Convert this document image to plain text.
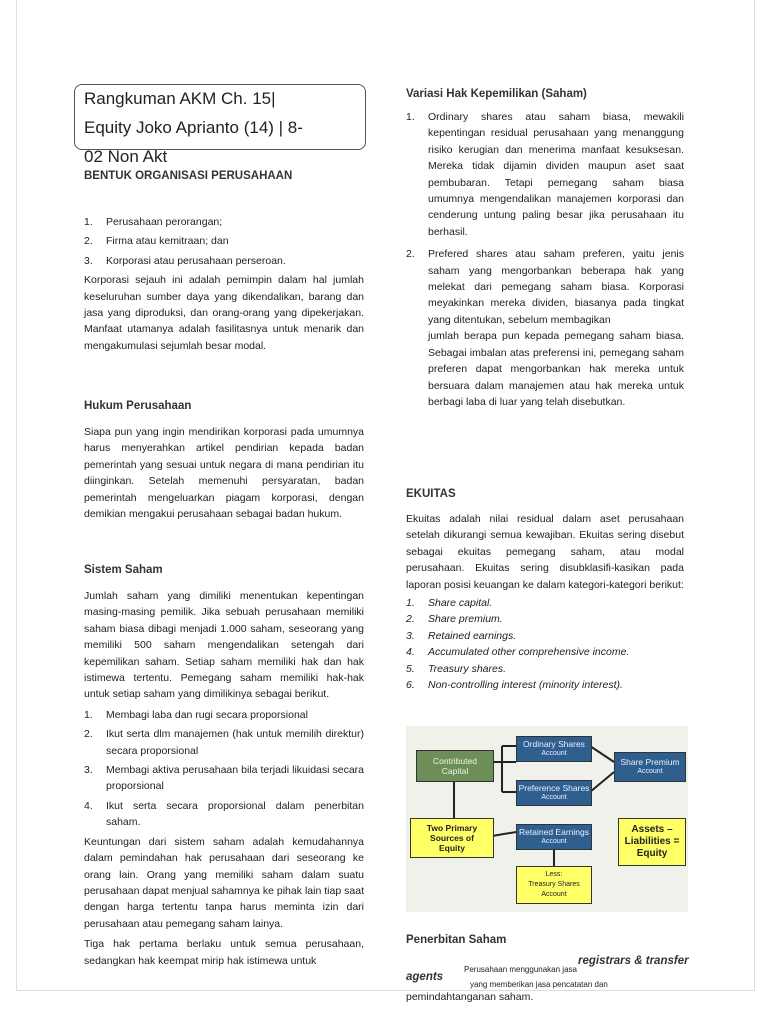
Rangkuman AKM Ch. 15|
Equity Joko Aprianto (14) | 8-
02 Non Akt
BENTUK ORGANISASI PERUSAHAAN
1. Perusahaan perorangan;
2. Firma atau kemitraan; dan
3. Korporasi atau perusahaan perseroan.

Korporasi sejauh ini adalah pemimpin dalam hal jumlah keseluruhan sumber daya yang dikendalikan, barang dan jasa yang diproduksi, dan orang-orang yang dipekerjakan. Manfaat utamanya adalah fasilitasnya untuk menarik dan mengakumulasi sejumlah besar modal.

Hukum Perusahaan

Siapa pun yang ingin mendirikan korporasi pada umumnya harus menyerahkan artikel pendirian kepada badan pemerintah yang sesuai untuk negara di mana pendirian itu diinginkan. Setelah memenuhi persyaratan, badan pemerintah mengeluarkan piagam korporasi, dengan demikian mengakui perusahaan sebagai badan hukum.

Sistem Saham

Jumlah saham yang dimiliki menentukan kepentingan masing-masing pemilik. Jika sebuah perusahaan memiliki saham biasa dibagi menjadi 1.000 saham, seseorang yang memiliki 500 saham mengendalikan setengah dari kepemilikan saham. Setiap saham memiliki hak dan hak istimewa tertentu. Pemegang saham memiliki hak-hak untuk setiap saham yang dimilikinya sebagai berikut.

1. Membagi laba dan rugi secara proporsional
2. Ikut serta dlm manajemen (hak untuk memilih direktur) secara proporsional
3. Membagi aktiva perusahaan bila terjadi likuidasi secara proporsional
4. Ikut serta secara proporsional dalam penerbitan saham.

Keuntungan dari sistem saham adalah kemudahannya dalam pemindahan hak perusahaan dari seseorang ke orang lain. Orang yang memiliki saham dalam suatu perusahaan dapat menjual sahamnya ke pihak lain tiap saat dengan harga tertentu tanpa harus meminta izin dari perusahaan atau pemegang saham lainya.

Tiga hak pertama berlaku untuk semua perusahaan, sedangkan hak keempat mirip hak istimewa untuk

Variasi Hak Kepemilikan (Saham)
1. Ordinary shares atau saham biasa, mewakili kepentingan residual perusahaan yang menanggung risiko kerugian dan menerima manfaat kesuksesan. Mereka tidak dijamin dividen maupun aset saat pembubaran. Tetapi pemegang saham biasa umumnya mengendalikan manajemen korporasi dan cenderung untung paling besar jika perusahaan itu berhasil.
2. Prefered shares atau saham preferen, yaitu jenis saham yang mengorbankan beberapa hak yang melekat dari pemegang saham biasa. Korporasi meyakinkan mereka dividen, biasanya pada tingkat yang ditentukan, sebelum membagikan
jumlah berapa pun kepada pemegang saham biasa. Sebagai imbalan atas preferensi ini, pemegang saham preferen dapat mengorbankan hak mereka untuk bersuara dalam manajemen atau hak mereka untuk berbagi laba di luar yang telah disebutkan.
EKUITAS

Ekuitas adalah nilai residual dalam aset perusahaan setelah dikurangi semua kewajiban. Ekuitas sering disebut sebagai ekuitas pemegang saham, atau modal perusahaan. Ekuitas sering disubklasifi-kasikan pada laporan posisi keuangan ke dalam kategori-kategori berikut:

1. Share capital.
2. Share premium.
3. Retained earnings.
4. Accumulated other comprehensive income.
5. Treasury shares.
6. Non-controlling interest (minority interest).
Contributed
Capital
Ordinary Shares
Account
Preference Shares
Account
Share Premium
Account
Two Primary
Sources of
Equity
Retained Earnings
Account
Less:
Treasury Shares
Account
Assets –
Liabilities =
Equity
Penerbitan Saham
registrars & transfer
agents
Perusahaan menggunakan jasa
yang memberikan jasa pencatatan dan
pemindahtanganan saham.
